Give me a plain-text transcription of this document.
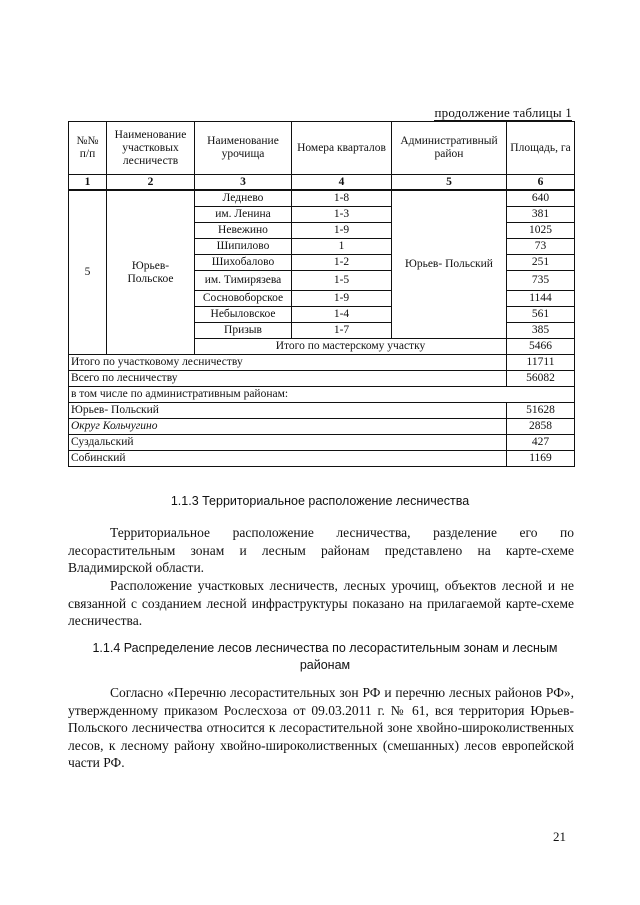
продолжение таблицы 1
№№ п/п	Наименование участковых лесничеств	Наименование урочища	Номера кварталов	Административный район	Площадь, га
1	2	3	4	5	6
5	Юрьев-Польское	Леднево	1-8	Юрьев- Польский	640
		им. Ленина	1-3		381
		Невежино	1-9		1025
		Шипилово	1		73
		Шихобалово	1-2		251
		им. Тимирязева	1-5		735
		Сосновоборское	1-9		1144
		Небыловское	1-4		561
		Призыв	1-7		385
		Итого по мастерскому участку			5466
Итого по участковому лесничеству					11711
Всего по лесничеству					56082
в том числе по административным районам:					
Юрьев- Польский					51628
Округ Кольчугино					2858
Суздальский					427
Собинский					1169
1.1.3 Территориальное расположение лесничества
Территориальное расположение лесничества, разделение его по лесорастительным зонам и лесным районам представлено на карте-схеме Владимирской области.
Расположение участковых лесничеств, лесных урочищ, объектов лесной и не связанной с созданием лесной инфраструктуры показано на прилагаемой карте-схеме лесничества.
1.1.4 Распределение лесов лесничества по лесорастительным зонам и лесным
районам
Согласно «Перечню лесорастительных зон РФ и перечню лесных районов РФ», утвержденному приказом Рослесхоза от 09.03.2011 г. № 61, вся территория Юрьев- Польского лесничества относится к лесорастительной зоне хвойно-широколиственных лесов, к лесному району хвойно-широколиственных (смешанных) лесов европейской части РФ.
21
